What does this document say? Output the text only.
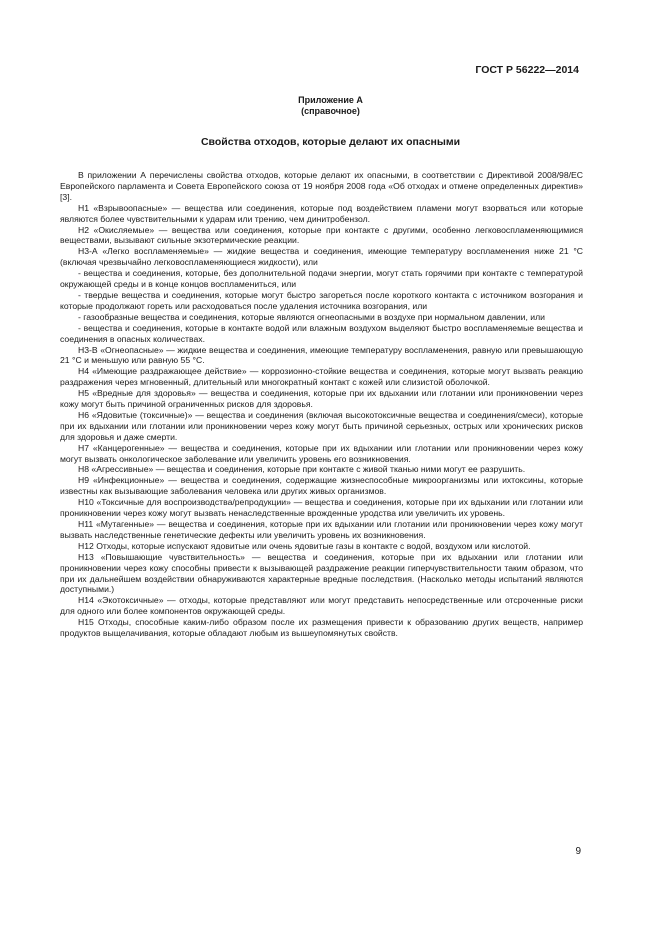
ГОСТ Р 56222—2014
Приложение А
(справочное)
Свойства отходов, которые делают их опасными

В приложении А перечислены свойства отходов, которые делают их опасными, в соответствии с Директивой 2008/98/ЕС Европейского парламента и Совета Европейского союза от 19 ноября 2008 года «Об отходах и отмене определенных директив» [3].

Н1 «Взрывоопасные» — вещества или соединения, которые под воздействием пламени могут взорваться или которые являются более чувствительными к ударам или трению, чем динитробензол.

Н2 «Окисляемые» — вещества или соединения, которые при контакте с другими, особенно легковоспламеняющимися веществами, вызывают сильные экзотермические реакции.

Н3-А «Легко воспламеняемые» — жидкие вещества и соединения, имеющие температуру воспламенения ниже 21 °С (включая чрезвычайно легковоспламеняющиеся жидкости), или

- вещества и соединения, которые, без дополнительной подачи энергии, могут стать горячими при контакте с температурой окружающей среды и в конце концов воспламениться, или

- твердые вещества и соединения, которые могут быстро загореться после короткого контакта с источником возгорания и которые продолжают гореть или расходоваться после удаления источника возгорания, или

- газообразные вещества и соединения, которые являются огнеопасными в воздухе при нормальном давлении, или

- вещества и соединения, которые в контакте водой или влажным воздухом выделяют быстро воспламеняемые вещества и соединения в опасных количествах.

Н3-В «Огнеопасные» — жидкие вещества и соединения, имеющие температуру воспламенения, равную или превышающую 21 °С и меньшую или равную 55 °С.

Н4 «Имеющие раздражающее действие» — коррозионно-стойкие вещества и соединения, которые могут вызвать реакцию раздражения через мгновенный, длительный или многократный контакт с кожей или слизистой оболочкой.

Н5 «Вредные для здоровья» — вещества и соединения, которые при их вдыхании или глотании или проникновении через кожу могут быть причиной ограниченных рисков для здоровья.

Н6 «Ядовитые (токсичные)» — вещества и соединения (включая высокотоксичные вещества и соединения/смеси), которые при их вдыхании или глотании или проникновении через кожу могут быть причиной серьезных, острых или хронических рисков для здоровья и даже смерти.

Н7 «Канцерогенные» — вещества и соединения, которые при их вдыхании или глотании или проникновении через кожу могут вызвать онкологическое заболевание или увеличить уровень его возникновения.

Н8 «Агрессивные» — вещества и соединения, которые при контакте с живой тканью ними могут ее разрушить.

Н9 «Инфекционные» — вещества и соединения, содержащие жизнеспособные микроорганизмы или ихтоксины, которые известны как вызывающие заболевания человека или других живых организмов.

Н10 «Токсичные для воспроизводства/репродукции» — вещества и соединения, которые при их вдыхании или глотании или проникновении через кожу могут вызвать ненаследственные врожденные уродства или увеличить их уровень.

Н11 «Мутагенные» — вещества и соединения, которые при их вдыхании или глотании или проникновении через кожу могут вызвать наследственные генетические дефекты или увеличить уровень их возникновения.

Н12 Отходы, которые испускают ядовитые или очень ядовитые газы в контакте с водой, воздухом или кислотой.

Н13 «Повышающие чувствительность» — вещества и соединения, которые при их вдыхании или глотании или проникновении через кожу способны привести к вызывающей раздражение реакции гиперчувствительности таким образом, что при их дальнейшем воздействии обнаруживаются характерные вредные последствия. (Насколько методы испытаний являются доступными.)

Н14 «Экотоксичные» — отходы, которые представляют или могут представить непосредственные или отсроченные риски для одного или более компонентов окружающей среды.

Н15 Отходы, способные каким-либо образом после их размещения привести к образованию других веществ, например продуктов выщелачивания, которые обладают любым из вышеупомянутых свойств.

9
